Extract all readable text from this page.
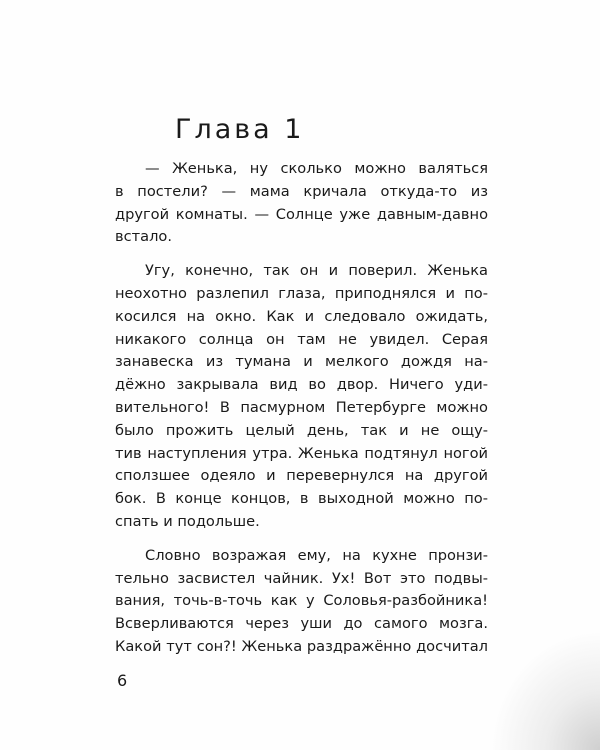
Глава 1
— Женька, ну сколько можно валяться
в постели? — мама кричала откуда-то из
другой комнаты. — Солнце уже давным-давно
встало.
Угу, конечно, так он и поверил. Женька
неохотно разлепил глаза, приподнялся и по-
косился на окно. Как и следовало ожидать,
никакого солнца он там не увидел. Серая
занавеска из тумана и мелкого дождя на-
дёжно закрывала вид во двор. Ничего уди-
вительного! В пасмурном Петербурге можно
было прожить целый день, так и не ощу-
тив наступления утра. Женька подтянул ногой
сползшее одеяло и перевернулся на другой
бок. В конце концов, в выходной можно по-
спать и подольше.
Словно возражая ему, на кухне пронзи-
тельно засвистел чайник. Ух! Вот это подвы-
вания, точь-в-точь как у Соловья-разбойника!
Всверливаются через уши до самого мозга.
Какой тут сон?! Женька раздражённо досчитал
6
